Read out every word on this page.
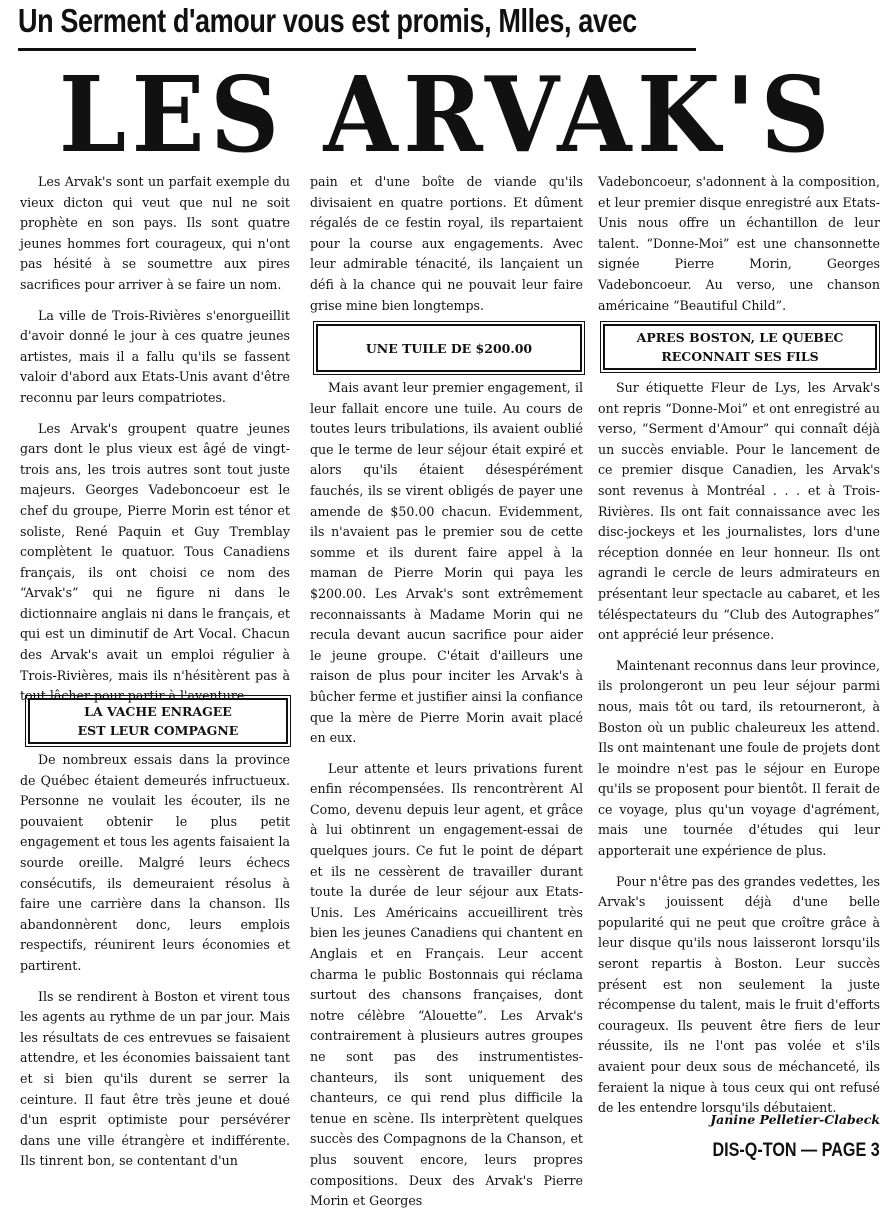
Un Serment d'amour vous est promis, Mlles, avec
LES ARVAK'S

Les Arvak's sont un parfait exemple du vieux dicton qui veut que nul ne soit prophète en son pays. Ils sont quatre jeunes hommes fort courageux, qui n'ont pas hésité à se soumettre aux pires sacrifices pour arriver à se faire un nom.

La ville de Trois-Rivières s'enorgueillit d'avoir donné le jour à ces quatre jeunes artistes, mais il a fallu qu'ils se fassent valoir d'abord aux Etats-Unis avant d'être reconnu par leurs compatriotes.

Les Arvak's groupent quatre jeunes gars dont le plus vieux est âgé de vingt-trois ans, les trois autres sont tout juste majeurs. Georges Vadeboncoeur est le chef du groupe, Pierre Morin est ténor et soliste, René Paquin et Guy Tremblay complètent le quatuor. Tous Canadiens français, ils ont choisi ce nom des “Arvak's” qui ne figure ni dans le dictionnaire anglais ni dans le français, et qui est un diminutif de Art Vocal. Chacun des Arvak's avait un emploi régulier à Trois-Rivières, mais ils n'hésitèrent pas à tout lâcher pour partir à l'aventure.

LA VACHE ENRAGEE
EST LEUR COMPAGNE

De nombreux essais dans la province de Québec étaient demeurés infructueux. Personne ne voulait les écouter, ils ne pouvaient obtenir le plus petit engagement et tous les agents faisaient la sourde oreille. Malgré leurs échecs consécutifs, ils demeuraient résolus à faire une carrière dans la chanson. Ils abandonnèrent donc, leurs emplois respectifs, réunirent leurs économies et partirent.

Ils se rendirent à Boston et virent tous les agents au rythme de un par jour. Mais les résultats de ces entrevues se faisaient attendre, et les économies baissaient tant et si bien qu'ils durent se serrer la ceinture. Il faut être très jeune et doué d'un esprit optimiste pour persévérer dans une ville étrangère et indifférente. Ils tinrent bon, se contentant d'un

pain et d'une boîte de viande qu'ils divisaient en quatre portions. Et dûment régalés de ce festin royal, ils repartaient pour la course aux engagements. Avec leur admirable ténacité, ils lançaient un défi à la chance qui ne pouvait leur faire grise mine bien longtemps.

UNE TUILE DE $200.00

Mais avant leur premier engagement, il leur fallait encore une tuile. Au cours de toutes leurs tribulations, ils avaient oublié que le terme de leur séjour était expiré et alors qu'ils étaient désespérément fauchés, ils se virent obligés de payer une amende de $50.00 chacun. Evidemment, ils n'avaient pas le premier sou de cette somme et ils durent faire appel à la maman de Pierre Morin qui paya les $200.00. Les Arvak's sont extrêmement reconnaissants à Madame Morin qui ne recula devant aucun sacrifice pour aider le jeune groupe. C'était d'ailleurs une raison de plus pour inciter les Arvak's à bûcher ferme et justifier ainsi la confiance que la mère de Pierre Morin avait placé en eux.

Leur attente et leurs privations furent enfin récompensées. Ils rencontrèrent Al Como, devenu depuis leur agent, et grâce à lui obtinrent un engagement-essai de quelques jours. Ce fut le point de départ et ils ne cessèrent de travailler durant toute la durée de leur séjour aux Etats-Unis. Les Américains accueillirent très bien les jeunes Canadiens qui chantent en Anglais et en Français. Leur accent charma le public Bostonnais qui réclama surtout des chansons françaises, dont notre célèbre “Alouette”. Les Arvak's contrairement à plusieurs autres groupes ne sont pas des instrumentistes-chanteurs, ils sont uniquement des chanteurs, ce qui rend plus difficile la tenue en scène. Ils interprètent quelques succès des Compagnons de la Chanson, et plus souvent encore, leurs propres compositions. Deux des Arvak's Pierre Morin et Georges

Vadeboncoeur, s'adonnent à la composition, et leur premier disque enregistré aux Etats-Unis nous offre un échantillon de leur talent. “Donne-Moi” est une chansonnette signée Pierre Morin, Georges Vadeboncoeur. Au verso, une chanson américaine “Beautiful Child”.

APRES BOSTON, LE QUEBEC
RECONNAIT SES FILS

Sur étiquette Fleur de Lys, les Arvak's ont repris “Donne-Moi” et ont enregistré au verso, “Serment d'Amour” qui connaît déjà un succès enviable. Pour le lancement de ce premier disque Canadien, les Arvak's sont revenus à Montréal . . . et à Trois-Rivières. Ils ont fait connaissance avec les disc-jockeys et les journalistes, lors d'une réception donnée en leur honneur. Ils ont agrandi le cercle de leurs admirateurs en présentant leur spectacle au cabaret, et les téléspectateurs du “Club des Autographes” ont apprécié leur présence.

Maintenant reconnus dans leur province, ils prolongeront un peu leur séjour parmi nous, mais tôt ou tard, ils retourneront, à Boston où un public chaleureux les attend. Ils ont maintenant une foule de projets dont le moindre n'est pas le séjour en Europe qu'ils se proposent pour bientôt. Il ferait de ce voyage, plus qu'un voyage d'agrément, mais une tournée d'études qui leur apporterait une expérience de plus.

Pour n'être pas des grandes vedettes, les Arvak's jouissent déjà d'une belle popularité qui ne peut que croître grâce à leur disque qu'ils nous laisseront lorsqu'ils seront repartis à Boston. Leur succès présent est non seulement la juste récompense du talent, mais le fruit d'efforts courageux. Ils peuvent être fiers de leur réussite, ils ne l'ont pas volée et s'ils avaient pour deux sous de méchanceté, ils feraient la nique à tous ceux qui ont refusé de les entendre lorsqu'ils débutaient.

Janine Pelletier-Clabeck
DIS-Q-TON — PAGE 3
